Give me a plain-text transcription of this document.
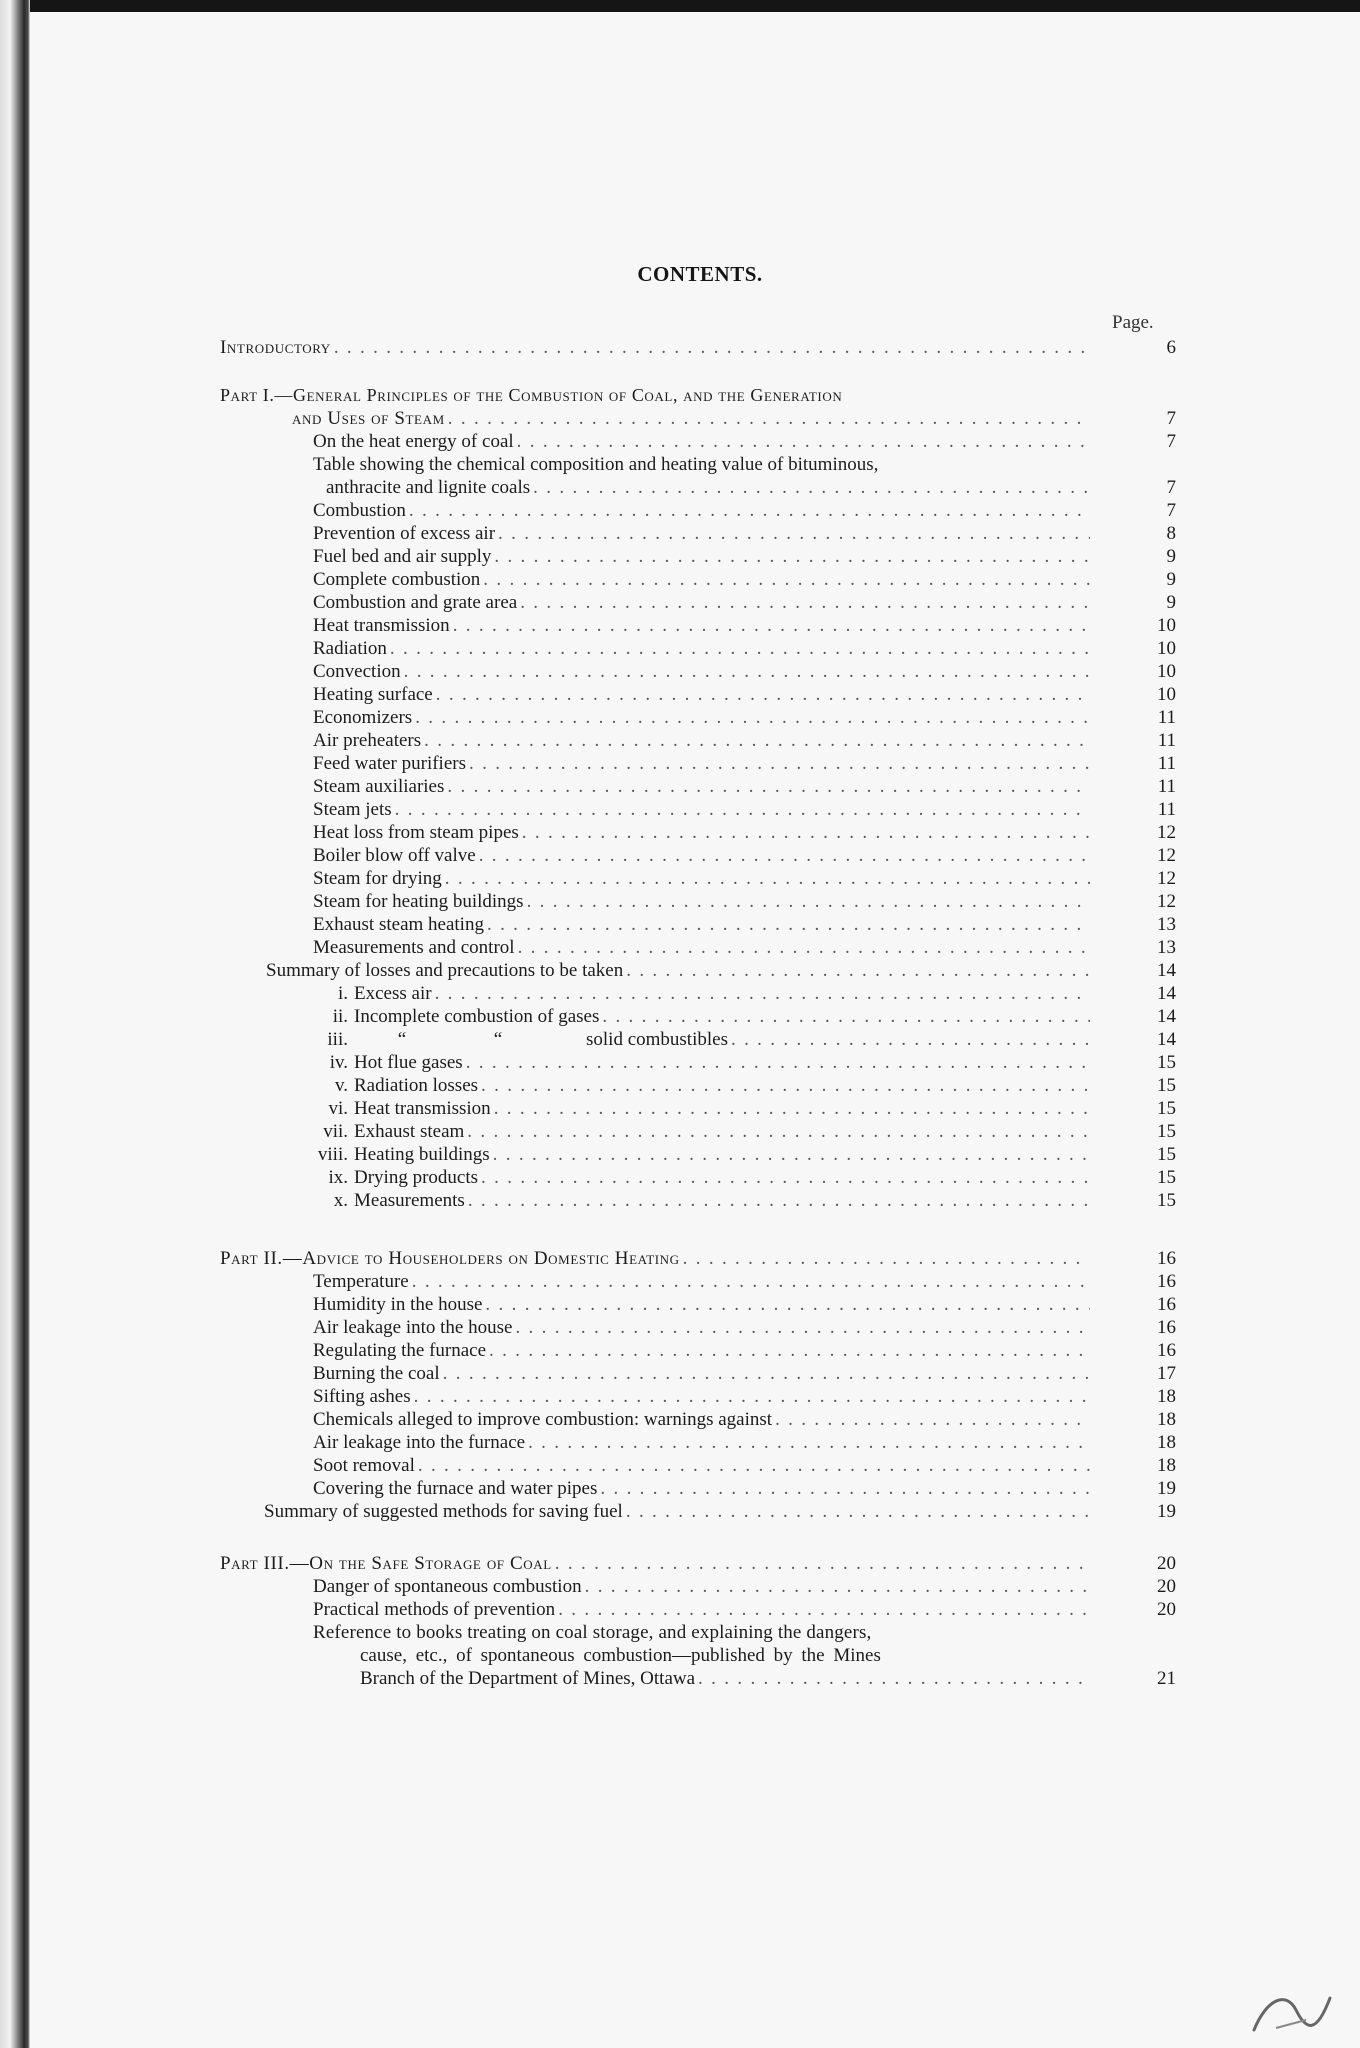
CONTENTS.
Page.
Introductory . . .	6
Part I.—General Principles of the Combustion of Coal, and the Generation
and Uses of Steam . . .	7
On the heat energy of coal . . .	7
Table showing the chemical composition and heating value of bituminous,
anthracite and lignite coals . . .	7
Combustion . . .	7
Prevention of excess air . . .	8
Fuel bed and air supply . . .	9
Complete combustion . . .	9
Combustion and grate area . . .	9
Heat transmission . . .	10
Radiation . . .	10
Convection . . .	10
Heating surface . . .	10
Economizers . . .	11
Air preheaters . . .	11
Feed water purifiers . . .	11
Steam auxiliaries . . .	11
Steam jets . . .	11
Heat loss from steam pipes . . .	12
Boiler blow off valve . . .	12
Steam for drying . . .	12
Steam for heating buildings . . .	12
Exhaust steam heating . . .	13
Measurements and control . . .	13
Summary of losses and precautions to be taken . . .	14
i. Excess air . . .	14
ii. Incomplete combustion of gases . . .	14
iii.	“	“	solid combustibles . . .	14
iv. Hot flue gases . . .	15
v. Radiation losses . . .	15
vi. Heat transmission . . .	15
vii. Exhaust steam . . .	15
viii. Heating buildings . . .	15
ix. Drying products . . .	15
x. Measurements . . .	15
Part II.—Advice to Householders on Domestic Heating . . .	16
Temperature . . .	16
Humidity in the house . . .	16
Air leakage into the house . . .	16
Regulating the furnace . . .	16
Burning the coal . . .	17
Sifting ashes . . .	18
Chemicals alleged to improve combustion: warnings against . . .	18
Air leakage into the furnace . . .	18
Soot removal . . .	18
Covering the furnace and water pipes . . .	19
Summary of suggested methods for saving fuel . . .	19
Part III.—On the Safe Storage of Coal . . .	20
Danger of spontaneous combustion . . .	20
Practical methods of prevention . . .	20
Reference to books treating on coal storage, and explaining the dangers,
cause, etc., of spontaneous combustion—published by the Mines
Branch of the Department of Mines, Ottawa . . .	21
